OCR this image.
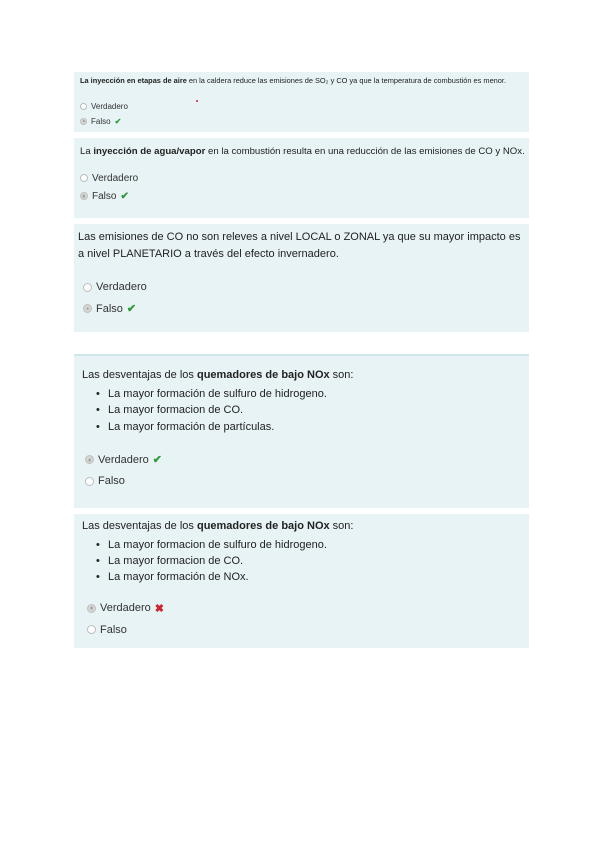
La inyección en etapas de aire en la caldera reduce las emisiones de SO₂ y CO ya que la temperatura de combustión es menor.
Verdadero
Falso ✔
La inyección de agua/vapor en la combustión resulta en una reducción de las emisiones de CO y NOx.
Verdadero
Falso ✔
Las emisiones de CO no son releves a nivel LOCAL o ZONAL ya que su mayor impacto es a nivel PLANETARIO a través del efecto invernadero.
Verdadero
Falso ✔
Las desventajas de los quemadores de bajo NOx son:
• La mayor formación de sulfuro de hidrogeno.
• La mayor formacion de CO.
• La mayor formación de partículas.
Verdadero ✔
Falso
Las desventajas de los quemadores de bajo NOx son:
• La mayor formacion de sulfuro de hidrogeno.
• La mayor formacion de CO.
• La mayor formación de NOx.
Verdadero ✖
Falso
